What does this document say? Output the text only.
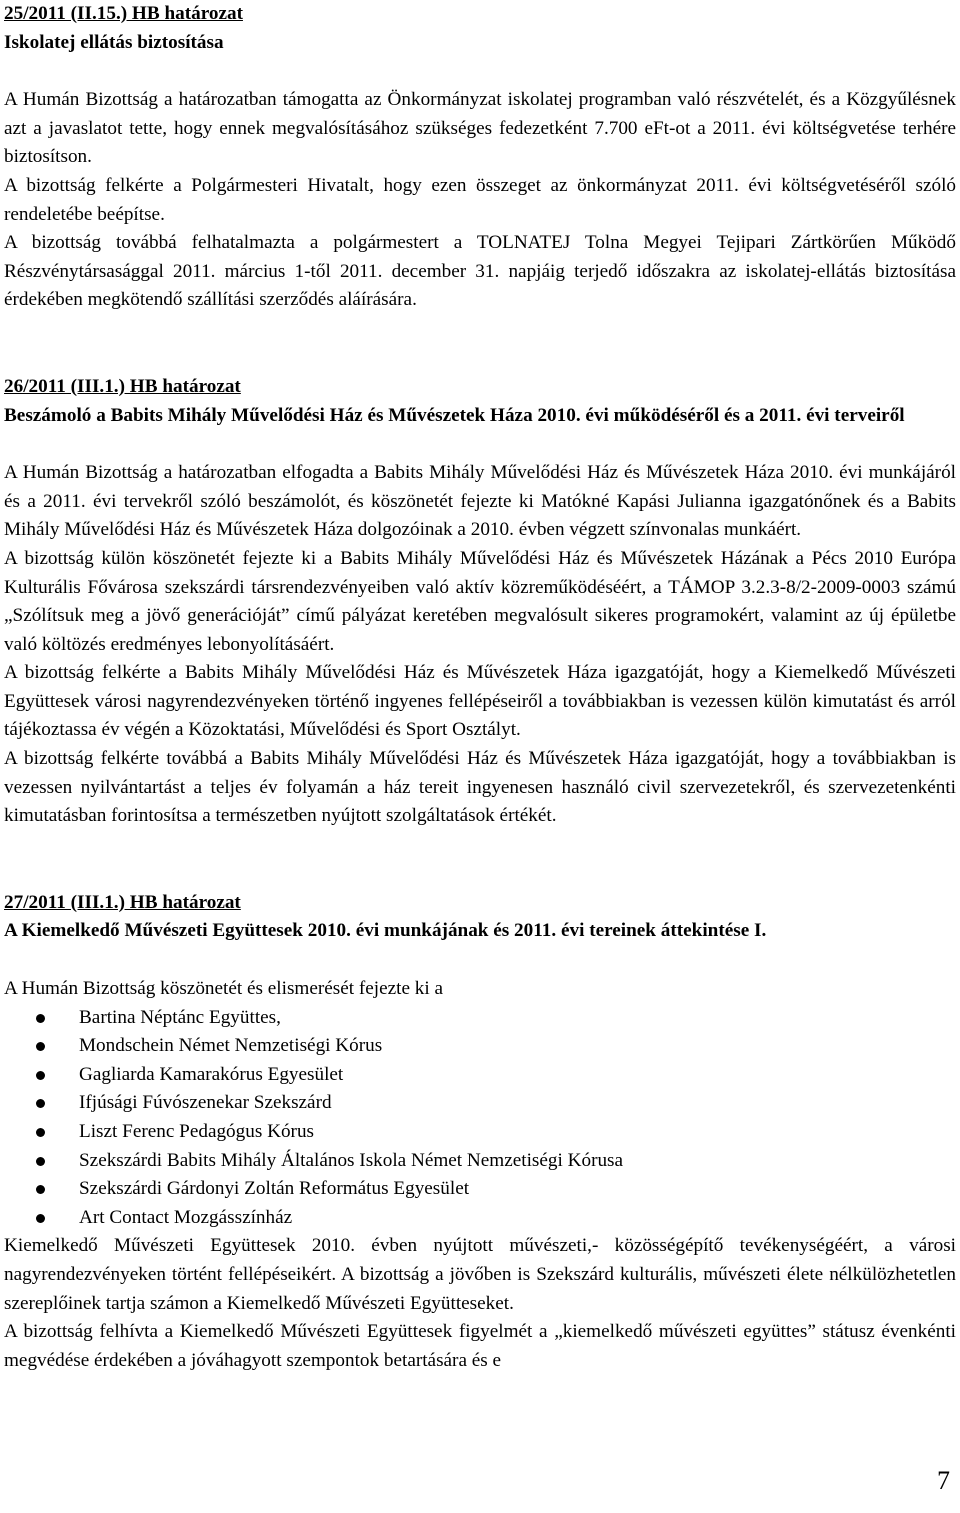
25/2011 (II.15.) HB határozat

Iskolatej ellátás biztosítása

A Humán Bizottság a határozatban támogatta az Önkormányzat iskolatej programban való részvételét, és a Közgyűlésnek azt a javaslatot tette, hogy ennek megvalósításához szükséges fedezetként 7.700 eFt-ot a 2011. évi költségvetése terhére biztosítson.

A bizottság felkérte a Polgármesteri Hivatalt, hogy ezen összeget az önkormányzat 2011. évi költségvetéséről szóló rendeletébe beépítse.

A bizottság továbbá felhatalmazta a polgármestert a TOLNATEJ Tolna Megyei Tejipari Zártkörűen Működő Részvénytársasággal 2011. március 1-től 2011. december 31. napjáig terjedő időszakra az iskolatej-ellátás biztosítása érdekében megkötendő szállítási szerződés aláírására.

26/2011 (III.1.) HB határozat

Beszámoló a Babits Mihály Művelődési Ház és Művészetek Háza 2010. évi működéséről és a 2011. évi terveiről

A Humán Bizottság a határozatban elfogadta a Babits Mihály Művelődési Ház és Művészetek Háza 2010. évi munkájáról és a 2011. évi tervekről szóló beszámolót, és köszönetét fejezte ki Matókné Kapási Julianna igazgatónőnek és a Babits Mihály Művelődési Ház és Művészetek Háza dolgozóinak a 2010. évben végzett színvonalas munkáért.

A bizottság külön köszönetét fejezte ki a Babits Mihály Művelődési Ház és Művészetek Házának a Pécs 2010 Európa Kulturális Fővárosa szekszárdi társrendezvényeiben való aktív közreműködéséért, a TÁMOP 3.2.3-8/2-2009-0003 számú „Szólítsuk meg a jövő generációját” című pályázat keretében megvalósult sikeres programokért, valamint az új épületbe való költözés eredményes lebonyolításáért.

A bizottság felkérte a Babits Mihály Művelődési Ház és Művészetek Háza igazgatóját, hogy a Kiemelkedő Művészeti Együttesek városi nagyrendezvényeken történő ingyenes fellépéseiről a továbbiakban is vezessen külön kimutatást és arról tájékoztassa év végén a Közoktatási, Művelődési és Sport Osztályt.

A bizottság felkérte továbbá a Babits Mihály Művelődési Ház és Művészetek Háza igazgatóját, hogy a továbbiakban is vezessen nyilvántartást a teljes év folyamán a ház tereit ingyenesen használó civil szervezetekről, és szervezetenkénti kimutatásban forintosítsa a természetben nyújtott szolgáltatások értékét.

27/2011 (III.1.) HB határozat

A Kiemelkedő Művészeti Együttesek 2010. évi munkájának és 2011. évi tereinek áttekintése I.

A Humán Bizottság köszönetét és elismerését fejezte ki a

Bartina Néptánc Együttes,
Mondschein Német Nemzetiségi Kórus
Gagliarda Kamarakórus Egyesület
Ifjúsági Fúvószenekar Szekszárd
Liszt Ferenc Pedagógus Kórus
Szekszárdi Babits Mihály Általános Iskola Német Nemzetiségi Kórusa
Szekszárdi Gárdonyi Zoltán Református Egyesület
Art Contact Mozgásszínház

Kiemelkedő Művészeti Együttesek 2010. évben nyújtott művészeti,- közösségépítő tevékenységéért, a városi nagyrendezvényeken történt fellépéseikért. A bizottság a jövőben is Szekszárd kulturális, művészeti élete nélkülözhetetlen szereplőinek tartja számon a Kiemelkedő Művészeti Együtteseket.

A bizottság felhívta a Kiemelkedő Művészeti Együttesek figyelmét a „kiemelkedő művészeti együttes” státusz évenkénti megvédése érdekében a jóváhagyott szempontok betartására és e

7
